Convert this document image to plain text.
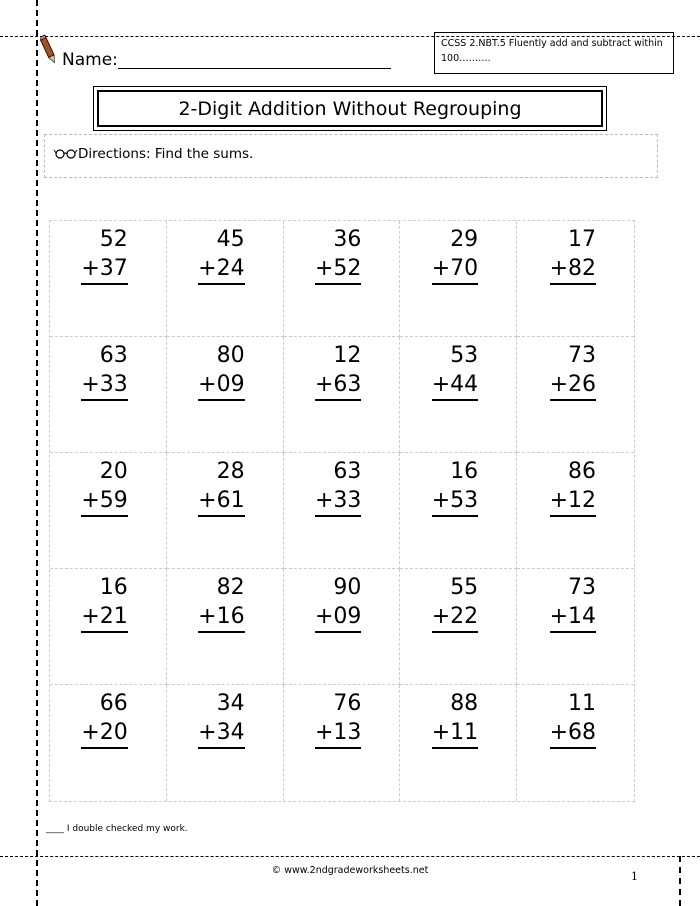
Name:
CCSS 2.NBT.5 Fluently add and subtract within 100……….
2-Digit Addition Without Regrouping
Directions: Find the sums.
52
+37
45
+24
36
+52
29
+70
17
+82
63
+33
80
+09
12
+63
53
+44
73
+26
20
+59
28
+61
63
+33
16
+53
86
+12
16
+21
82
+16
90
+09
55
+22
73
+14
66
+20
34
+34
76
+13
88
+11
11
+68
____ I double checked my work.
© www.2ndgradeworksheets.net	1
